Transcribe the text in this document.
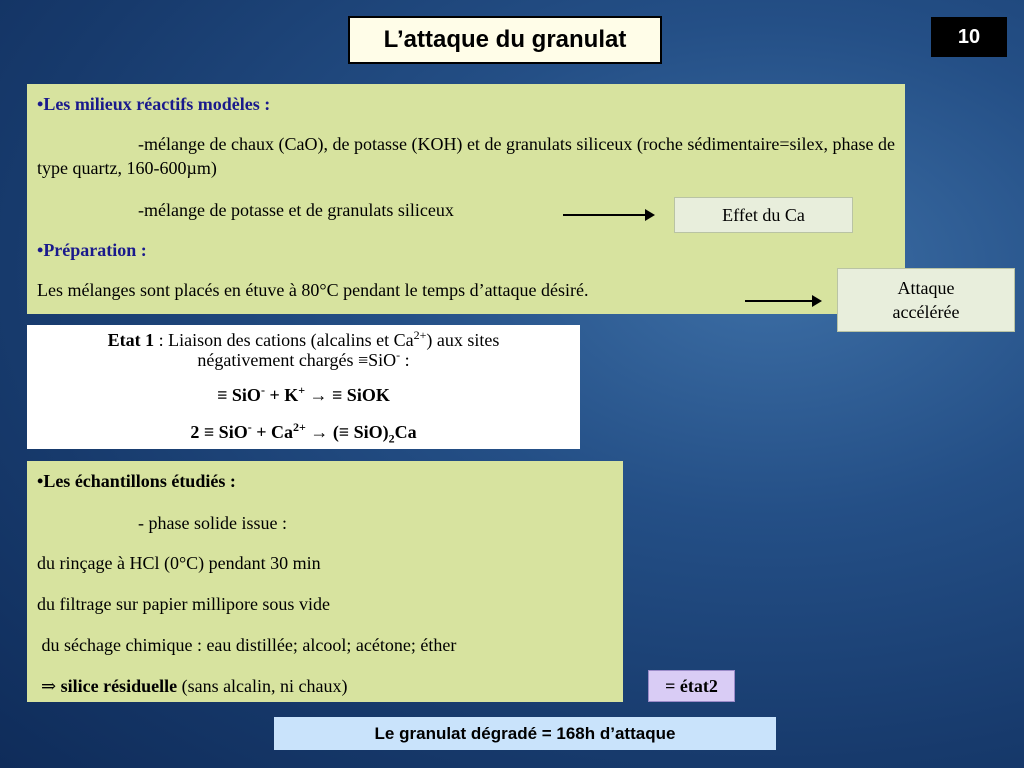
L’attaque du granulat	10
•Les milieux réactifs modèles :
-mélange de chaux (CaO), de potasse (KOH) et de granulats siliceux (roche sédimentaire=silex, phase de type quartz, 160-600µm)
-mélange de potasse et de granulats siliceux
•Préparation :
Les mélanges sont placés en étuve à 80°C pendant le temps d’attaque désiré.
Effet du Ca
Attaque
accélérée
Etat 1 : Liaison des cations (alcalins et $Ca^{2+}$) aux sites
négativement chargés ≡SiO- :
≡ SiO- + K+ → ≡ SiOK
$2 \equiv SiO^- + Ca^{2+}$ → (≡ $SiO)_2Ca$
•Les échantillons étudiés :
- phase solide issue :
du rinçage à HCl (0°C) pendant 30 min
du filtrage sur papier millipore sous vide
du séchage chimique : eau distillée; alcool; acétone; éther
⇒ silice résiduelle (sans alcalin, ni chaux)	= état2
Le granulat dégradé = 168h d’attaque
